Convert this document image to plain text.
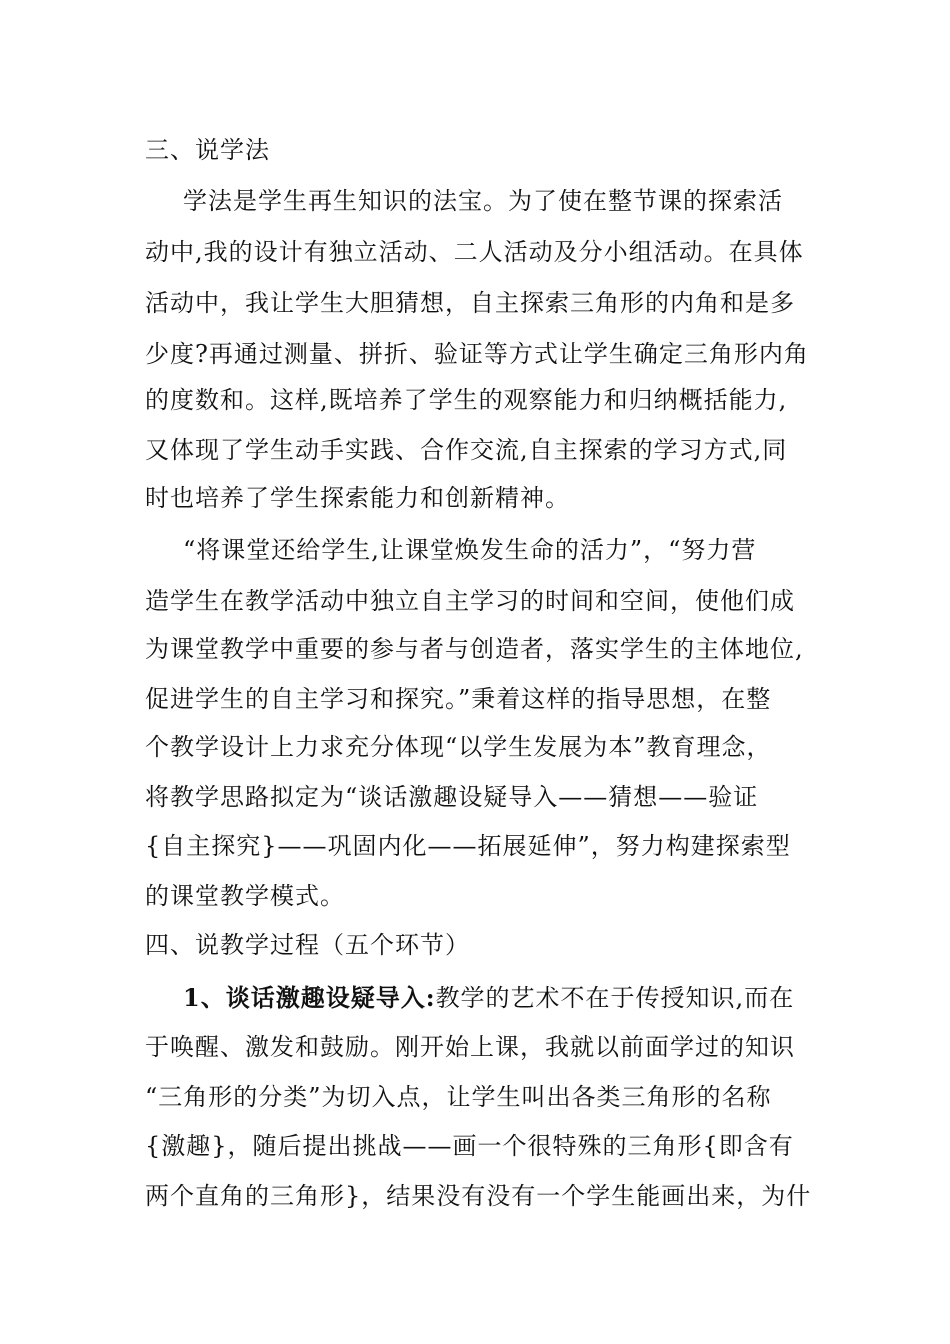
三、说学法
学法是学生再生知识的法宝。为了使在整节课的探索活
动中,我的设计有独立活动、二人活动及分小组活动。在具体
活动中，我让学生大胆猜想，自主探索三角形的内角和是多
少度?再通过测量、拼折、验证等方式让学生确定三角形内角
的度数和。这样,既培养了学生的观察能力和归纳概括能力,
又体现了学生动手实践、合作交流,自主探索的学习方式,同
时也培养了学生探索能力和创新精神。
“将课堂还给学生,让课堂焕发生命的活力”，“努力营
造学生在教学活动中独立自主学习的时间和空间，使他们成
为课堂教学中重要的参与者与创造者，落实学生的主体地位,
促进学生的自主学习和探究。”秉着这样的指导思想，在整
个教学设计上力求充分体现“以学生发展为本”教育理念，
将教学思路拟定为“谈话激趣设疑导入——猜想——验证
{自主探究}——巩固内化——拓展延伸”，努力构建探索型
的课堂教学模式。
四、说教学过程（五个环节）
1、谈话激趣设疑导入:教学的艺术不在于传授知识,而在
于唤醒、激发和鼓励。刚开始上课，我就以前面学过的知识
“三角形的分类”为切入点，让学生叫出各类三角形的名称
{激趣}，随后提出挑战——画一个很特殊的三角形{即含有
两个直角的三角形}，结果没有没有一个学生能画出来，为什
